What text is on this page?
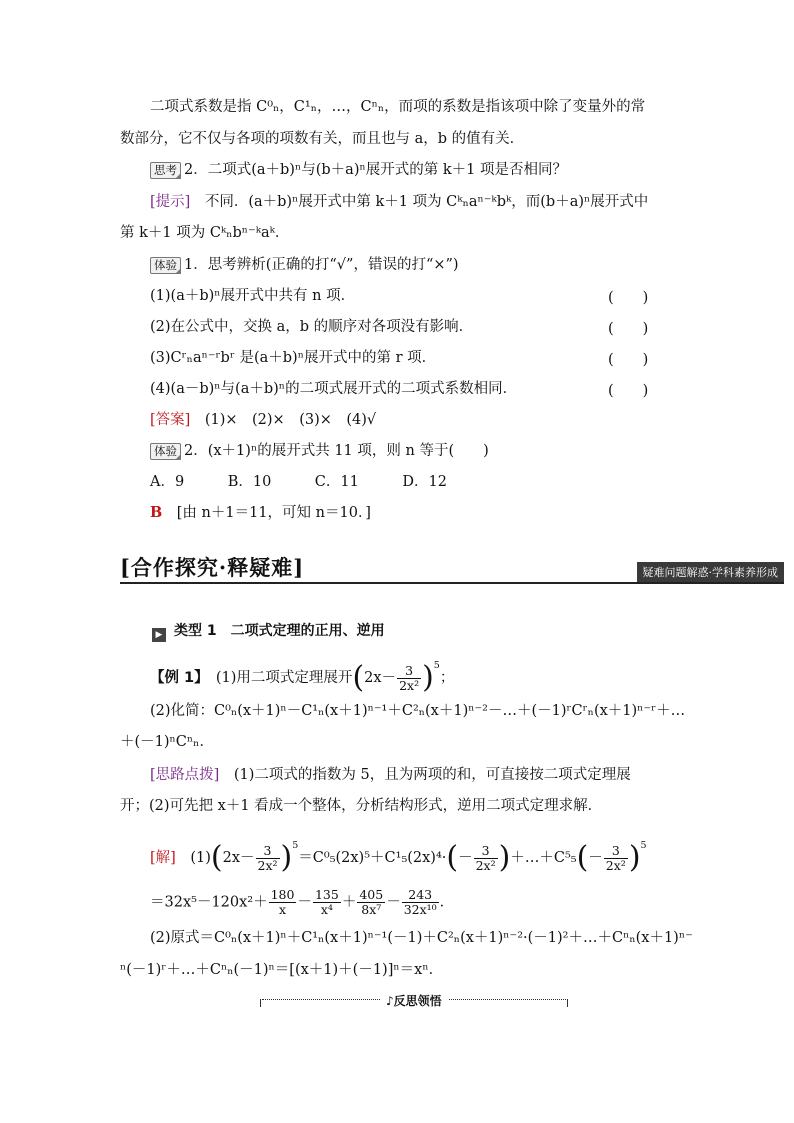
二项式系数是指 C⁰ₙ，C¹ₙ，…，Cⁿₙ，而项的系数是指该项中除了变量外的常
数部分，它不仅与各项的项数有关，而且也与 a，b 的值有关．
思考 2．二项式(a＋b)ⁿ与(b＋a)ⁿ展开式的第 k＋1 项是否相同？
[提示]　 不同．(a＋b)ⁿ展开式中第 k＋1 项为 Cᵏₙaⁿ⁻ᵏbᵏ，而(b＋a)ⁿ展开式中
第 k＋1 项为 Cᵏₙbⁿ⁻ᵏaᵏ．
体验 1．思考辨析(正确的打“√”，错误的打“×”)
(1)(a＋b)ⁿ展开式中共有 n 项．	(　　)
(2)在公式中，交换 a，b 的顺序对各项没有影响．	(　　)
(3)Cʳₙaⁿ⁻ʳbʳ 是(a＋b)ⁿ展开式中的第 r 项．	(　　)
(4)(a－b)ⁿ与(a＋b)ⁿ的二项式展开式的二项式系数相同．	(　　)
[答案]　 (1)×　(2)×　(3)×　(4)√
体验 2．(x＋1)ⁿ的展开式共 11 项，则 n 等于(　　)
A．9　　　B．10　　　C．11　　　D．12
B　 [由 n＋1＝11，可知 n＝10．]
[合作探究·释疑难]	疑难问题解惑·学科素养形成
▶ 类型 1　二项式定理的正用、逆用
【例 1】　 (1)用二项式定理展开$(2x- \frac{3}{\text{2x²}} )^5$；
(2)化简：C⁰ₙ(x＋1)ⁿ－C¹ₙ(x＋1)ⁿ⁻¹＋C²ₙ(x＋1)ⁿ⁻²－…＋(－1)ʳCʳₙ(x＋1)ⁿ⁻ʳ＋…
＋(－1)ⁿCⁿₙ．
[思路点拨]　 (1)二项式的指数为 5，且为两项的和，可直接按二项式定理展
开；(2)可先把 x＋1 看成一个整体，分析结构形式，逆用二项式定理求解．
[解]　 $(1)(2x- \frac{3}{\text{2x²}} )^5=C^0_5(2x)^5+C^1_5(2x)^4\cdot(- \frac{3}{\text{2x²}}$ )＋…＋C⁵₅(－ $\frac{3}{\text{2x²}} )^5$
$=32x^5-120x^2+ \frac{180}{x} - \frac{135}{\text{x⁴}} + \frac{405}{\text{8x⁷}} - \frac{243}{\text{32x¹⁰}}$ ．
(2)原式＝C⁰ₙ(x＋1)ⁿ＋C¹ₙ(x＋1)ⁿ⁻¹(－1)＋C²ₙ(x＋1)ⁿ⁻²·(－1)²＋…＋Cⁿₙ(x＋1)ⁿ⁻
ⁿ(－1)ʳ＋…＋Cⁿₙ(－1)ⁿ＝[(x＋1)＋(－1)]ⁿ＝xⁿ．
♪反思领悟
